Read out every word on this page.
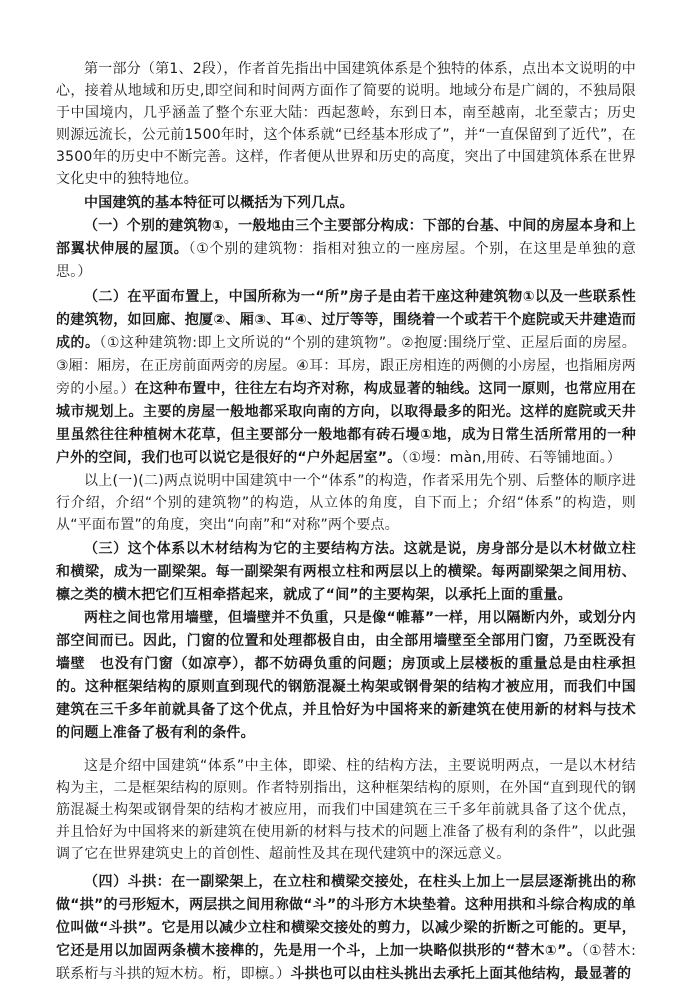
第一部分（第1、2段），作者首先指出中国建筑体系是个独特的体系，点出本文说明的中心，接着从地域和历史,即空间和时间两方面作了简要的说明。地域分布是广阔的，不独局限于中国境内，几乎涵盖了整个东亚大陆：西起葱岭，东到日本，南至越南，北至蒙古；历史则源远流长，公元前1500年时，这个体系就“已经基本形成了”，并“一直保留到了近代”，在3500年的历史中不断完善。这样，作者便从世界和历史的高度，突出了中国建筑体系在世界文化史中的独特地位。

中国建筑的基本特征可以概括为下列几点。

（一）个别的建筑物①，一般地由三个主要部分构成：下部的台基、中间的房屋本身和上部翼状伸展的屋顶。（①个别的建筑物：指相对独立的一座房屋。个别，在这里是单独的意思。）

（二）在平面布置上，中国所称为一“所”房子是由若干座这种建筑物①以及一些联系性的建筑物，如回廊、抱厦②、厢③、耳④、过厅等等，围绕着一个或若干个庭院或天井建造而成的。（①这种建筑物:即上文所说的“个别的建筑物”。②抱厦:围绕厅堂、正屋后面的房屋。③厢：厢房，在正房前面两旁的房屋。④耳：耳房，跟正房相连的两侧的小房屋，也指厢房两旁的小屋。）在这种布置中，往往左右均齐对称，构成显著的轴线。这同一原则，也常应用在城市规划上。主要的房屋一般地都采取向南的方向，以取得最多的阳光。这样的庭院或天井里虽然往往种植树木花草，但主要部分一般地都有砖石墁①地，成为日常生活所常用的一种户外的空间，我们也可以说它是很好的“户外起居室”。（①墁：màn,用砖、石等铺地面。）

以上(一)(二)两点说明中国建筑中一个“体系”的构造，作者采用先个别、后整体的顺序进行介绍，介绍“个别的建筑物”的构造，从立体的角度，自下而上；介绍“体系”的构造，则从“平面布置”的角度，突出“向南”和“对称”两个要点。

（三）这个体系以木材结构为它的主要结构方法。这就是说，房身部分是以木材做立柱和横梁，成为一副梁架。每一副梁架有两根立柱和两层以上的横梁。每两副梁架之间用枋、檩之类的横木把它们互相牵搭起来，就成了“间”的主要构架，以承托上面的重量。

两柱之间也常用墙壁，但墙壁并不负重，只是像“帷幕”一样，用以隔断内外，或划分内部空间而已。因此，门窗的位置和处理都极自由，由全部用墙壁至全部用门窗，乃至既没有墙壁　也没有门窗（如凉亭），都不妨碍负重的问题；房顶或上层楼板的重量总是由柱承担的。这种框架结构的原则直到现代的钢筋混凝土构架或钢骨架的结构才被应用，而我们中国建筑在三千多年前就具备了这个优点，并且恰好为中国将来的新建筑在使用新的材料与技术的问题上准备了极有利的条件。

这是介绍中国建筑“体系”中主体，即梁、柱的结构方法，主要说明两点，一是以木材结构为主，二是框架结构的原则。作者特别指出，这种框架结构的原则，在外国“直到现代的钢筋混凝土构架或钢骨架的结构才被应用，而我们中国建筑在三千多年前就具备了这个优点，并且恰好为中国将来的新建筑在使用新的材料与技术的问题上准备了极有利的条件”，以此强调了它在世界建筑史上的首创性、超前性及其在现代建筑中的深远意义。

（四）斗拱：在一副梁架上，在立柱和横梁交接处，在柱头上加上一层层逐渐挑出的称做“拱”的弓形短木，两层拱之间用称做“斗”的斗形方木块垫着。这种用拱和斗综合构成的单位叫做“斗拱”。它是用以减少立柱和横梁交接处的剪力，以减少梁的折断之可能的。更早，它还是用以加固两条横木接榫的，先是用一个斗，上加一块略似拱形的“替木①”。（①替木:联系桁与斗拱的短木枋。桁，即檩。）斗拱也可以由柱头挑出去承托上面其他结构，最显著的
